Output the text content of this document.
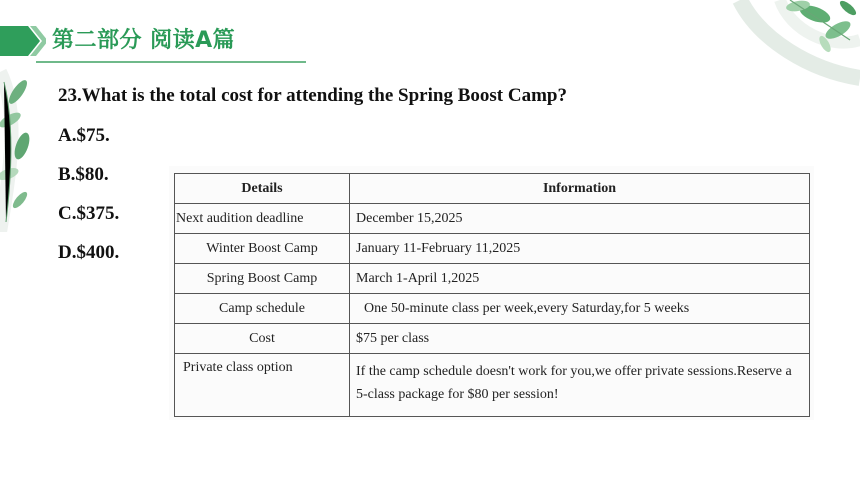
第二部分 阅读A篇
23.What is the total cost for attending the Spring Boost Camp?
A.$75.
B.$80.
C.$375.
D.$400.
Details	Information
Next audition deadline	December 15,2025

Winter Boost Camp	January 11-February 11,2025

Spring Boost Camp	March 1-April 1,2025

Camp schedule	One 50-minute class per week,every Saturday,for 5 weeks

Cost	$75 per class

Private class option	If the camp schedule doesn't work for you,we offer private sessions.Reserve a 5-class package for $80 per session!
